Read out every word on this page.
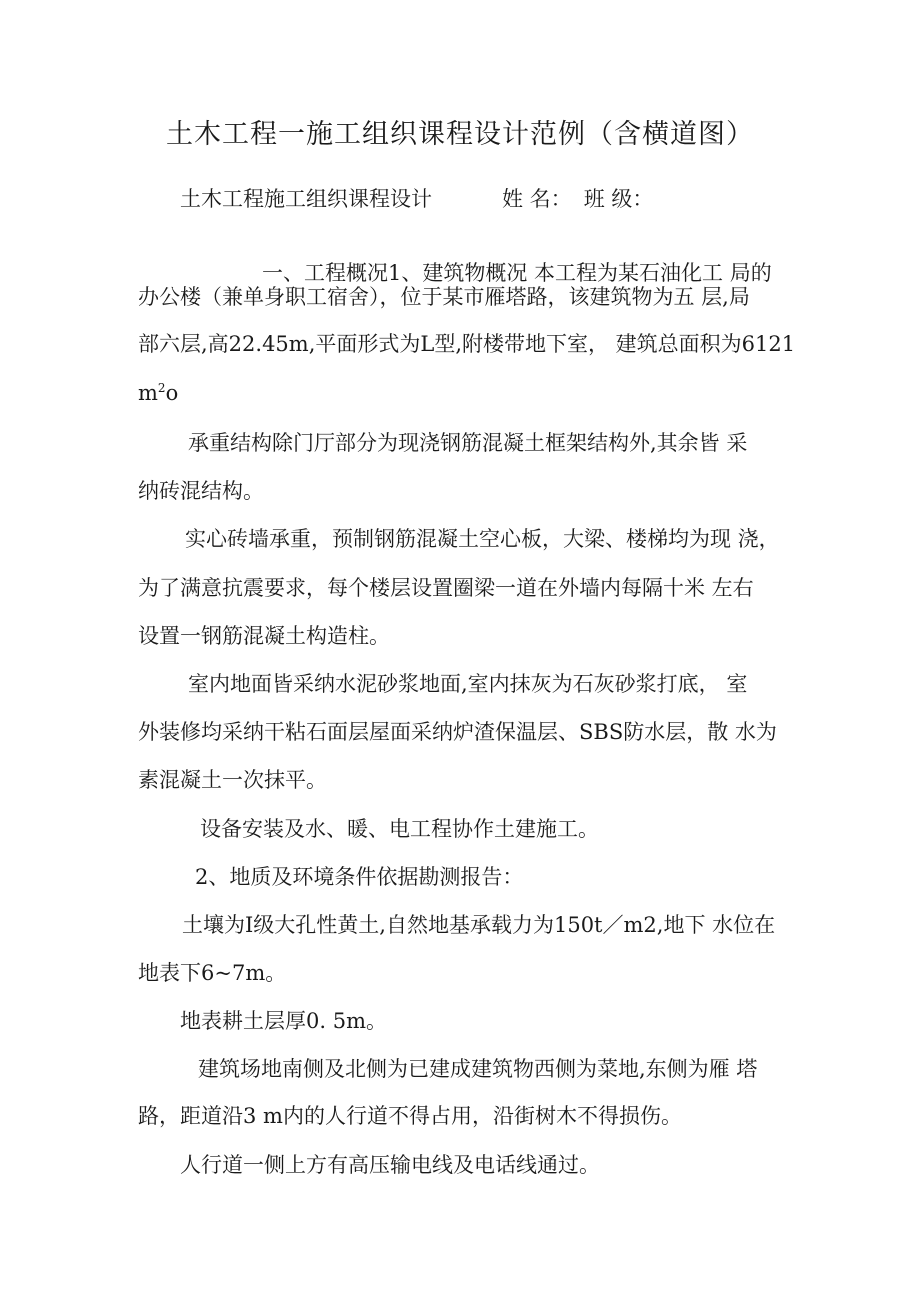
土木工程一施工组织课程设计范例（含横道图）

土木工程施工组织课程设计	姓 名： 班 级：

一、工程概况1、建筑物概况 本工程为某石油化工 局的

办公楼（兼单身职工宿舍），位于某市雁塔路，该建筑物为五 层,局

部六层,高22.45m,平面形式为L型,附楼带地下室， 建筑总面积为6121

$m^2o$

承重结构除门厅部分为现浇钢筋混凝土框架结构外,其余皆 采

纳砖混结构。

实心砖墙承重，预制钢筋混凝土空心板，大梁、楼梯均为现 浇，

为了满意抗震要求，每个楼层设置圈梁一道在外墙内每隔十米 左右

设置一钢筋混凝土构造柱。

室内地面皆采纳水泥砂浆地面,室内抹灰为石灰砂浆打底， 室

外装修均采纳干粘石面层屋面采纳炉渣保温层、SBS防水层，散 水为

素混凝土一次抹平。

设备安装及水、暖、电工程协作土建施工。

2、地质及环境条件依据勘测报告：

土壤为I级大孔性黄土,自然地基承载力为150t／m2,地下 水位在

地表下6~7m。

地表耕土层厚0. 5m。

建筑场地南侧及北侧为已建成建筑物西侧为菜地,东侧为雁 塔

路，距道沿3 m内的人行道不得占用，沿街树木不得损伤。

人行道一侧上方有高压输电线及电话线通过。
